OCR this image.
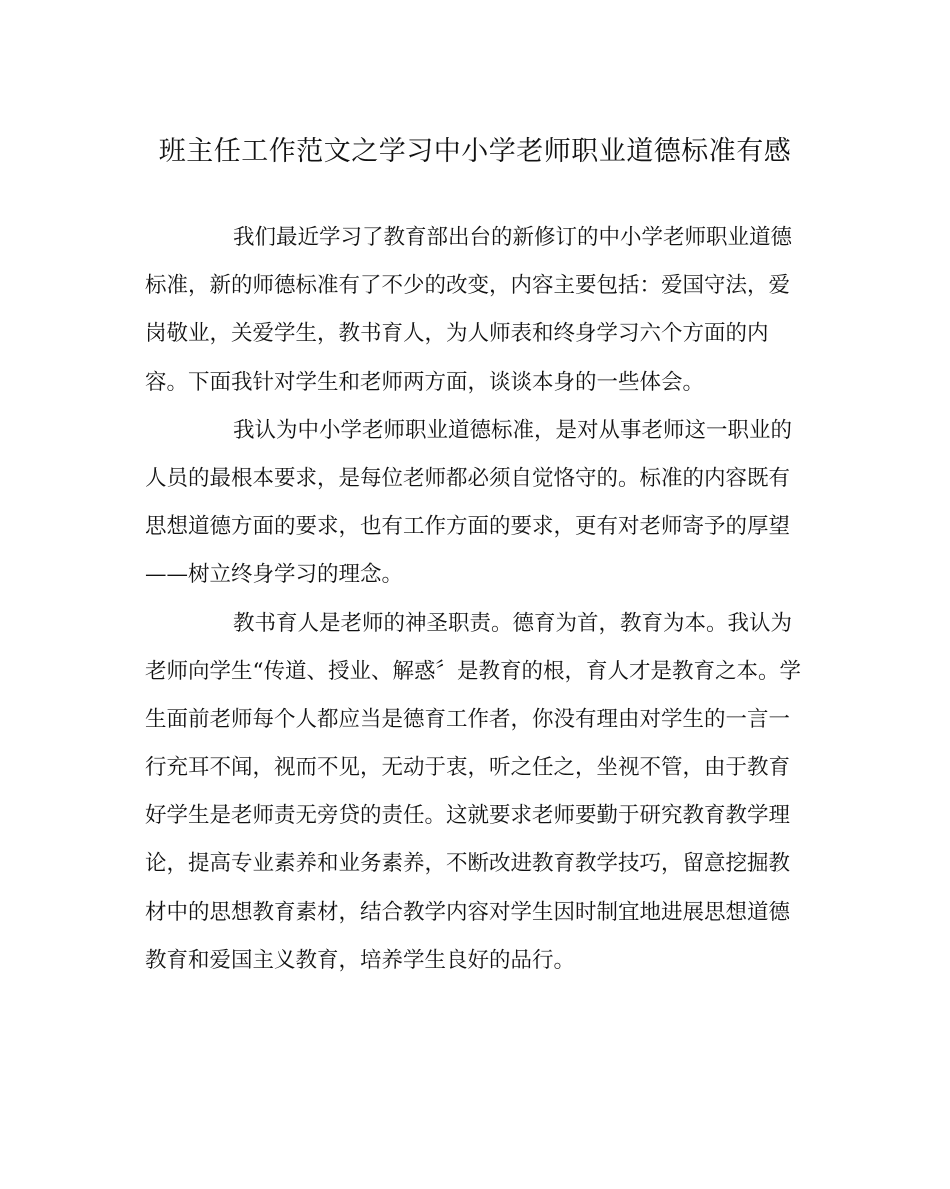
班主任工作范文之学习中小学老师职业道德标准有感
我们最近学习了教育部出台的新修订的中小学老师职业道德
标准，新的师德标准有了不少的改变，内容主要包括：爱国守法，爱
岗敬业，关爱学生，教书育人，为人师表和终身学习六个方面的内
容。下面我针对学生和老师两方面，谈谈本身的一些体会。
我认为中小学老师职业道德标准，是对从事老师这一职业的
人员的最根本要求，是每位老师都必须自觉恪守的。标准的内容既有
思想道德方面的要求，也有工作方面的要求，更有对老师寄予的厚望
——树立终身学习的理念。
教书育人是老师的神圣职责。德育为首，教育为本。我认为
老师向学生“传道、授业、解惑〞是教育的根，育人才是教育之本。学
生面前老师每个人都应当是德育工作者，你没有理由对学生的一言一
行充耳不闻，视而不见，无动于衷，听之任之，坐视不管，由于教育
好学生是老师责无旁贷的责任。这就要求老师要勤于研究教育教学理
论，提高专业素养和业务素养，不断改进教育教学技巧，留意挖掘教
材中的思想教育素材，结合教学内容对学生因时制宜地进展思想道德
教育和爱国主义教育，培养学生良好的品行。
